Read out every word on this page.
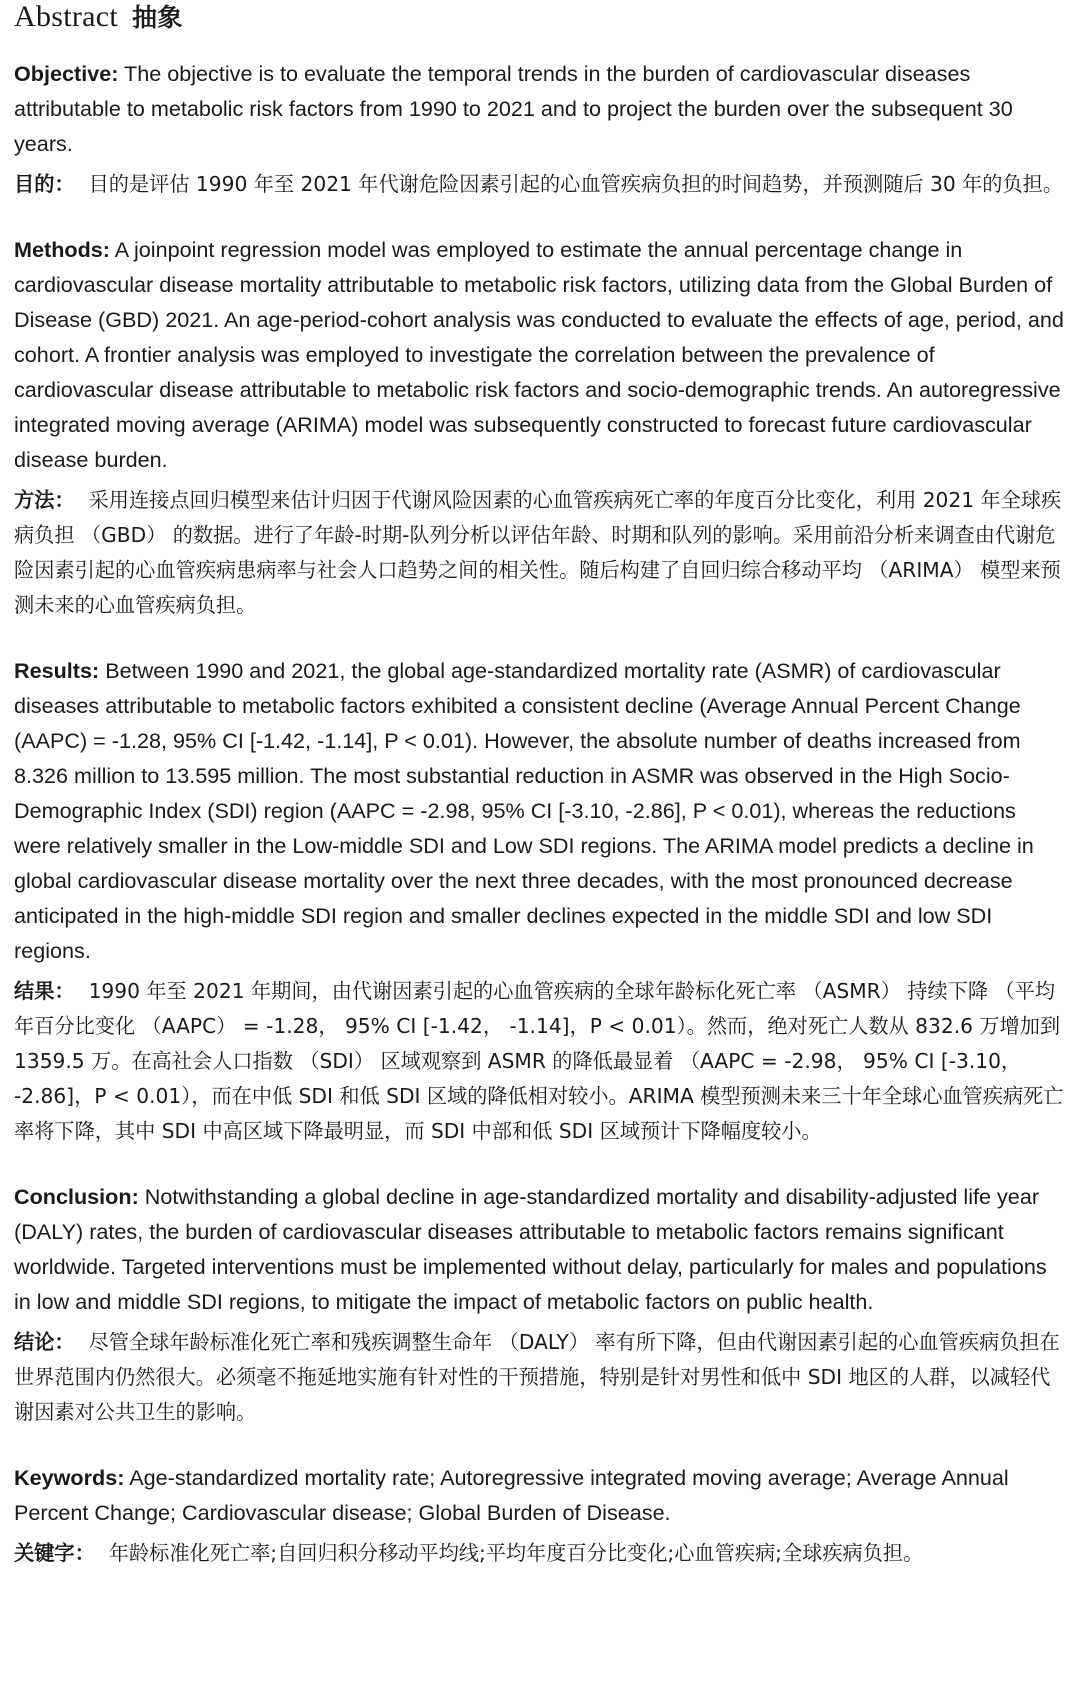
Abstract 抽象

Objective: The objective is to evaluate the temporal trends in the burden of cardiovascular diseases attributable to metabolic risk factors from 1990 to 2021 and to project the burden over the subsequent 30 years.

目的： 目的是评估 1990 年至 2021 年代谢危险因素引起的心血管疾病负担的时间趋势，并预测随后 30 年的负担。

Methods: A joinpoint regression model was employed to estimate the annual percentage change in cardiovascular disease mortality attributable to metabolic risk factors, utilizing data from the Global Burden of Disease (GBD) 2021. An age-period-cohort analysis was conducted to evaluate the effects of age, period, and cohort. A frontier analysis was employed to investigate the correlation between the prevalence of cardiovascular disease attributable to metabolic risk factors and socio-demographic trends. An autoregressive integrated moving average (ARIMA) model was subsequently constructed to forecast future cardiovascular disease burden.

方法： 采用连接点回归模型来估计归因于代谢风险因素的心血管疾病死亡率的年度百分比变化，利用 2021 年全球疾病负担 （GBD） 的数据。进行了年龄-时期-队列分析以评估年龄、时期和队列的影响。采用前沿分析来调查由代谢危险因素引起的心血管疾病患病率与社会人口趋势之间的相关性。随后构建了自回归综合移动平均 （ARIMA） 模型来预测未来的心血管疾病负担。

Results: Between 1990 and 2021, the global age-standardized mortality rate (ASMR) of cardiovascular diseases attributable to metabolic factors exhibited a consistent decline (Average Annual Percent Change (AAPC) = -1.28, 95% CI [-1.42, -1.14], P < 0.01). However, the absolute number of deaths increased from 8.326 million to 13.595 million. The most substantial reduction in ASMR was observed in the High Socio-Demographic Index (SDI) region (AAPC = -2.98, 95% CI [-3.10, -2.86], P < 0.01), whereas the reductions were relatively smaller in the Low-middle SDI and Low SDI regions. The ARIMA model predicts a decline in global cardiovascular disease mortality over the next three decades, with the most pronounced decrease anticipated in the high-middle SDI region and smaller declines expected in the middle SDI and low SDI regions.

结果： 1990 年至 2021 年期间，由代谢因素引起的心血管疾病的全球年龄标化死亡率 （ASMR） 持续下降 （平均年百分比变化 （AAPC） = -1.28， 95% CI [-1.42， -1.14]，P < 0.01）。然而，绝对死亡人数从 832.6 万增加到 1359.5 万。在高社会人口指数 （SDI） 区域观察到 ASMR 的降低最显着 （AAPC = -2.98， 95% CI [-3.10， -2.86]，P < 0.01），而在中低 SDI 和低 SDI 区域的降低相对较小。ARIMA 模型预测未来三十年全球心血管疾病死亡率将下降，其中 SDI 中高区域下降最明显，而 SDI 中部和低 SDI 区域预计下降幅度较小。

Conclusion: Notwithstanding a global decline in age-standardized mortality and disability-adjusted life year (DALY) rates, the burden of cardiovascular diseases attributable to metabolic factors remains significant worldwide. Targeted interventions must be implemented without delay, particularly for males and populations in low and middle SDI regions, to mitigate the impact of metabolic factors on public health.

结论： 尽管全球年龄标准化死亡率和残疾调整生命年 （DALY） 率有所下降，但由代谢因素引起的心血管疾病负担在世界范围内仍然很大。必须毫不拖延地实施有针对性的干预措施，特别是针对男性和低中 SDI 地区的人群，以减轻代谢因素对公共卫生的影响。

Keywords: Age-standardized mortality rate; Autoregressive integrated moving average; Average Annual Percent Change; Cardiovascular disease; Global Burden of Disease.

关键字： 年龄标准化死亡率;自回归积分移动平均线;平均年度百分比变化;心血管疾病;全球疾病负担。
